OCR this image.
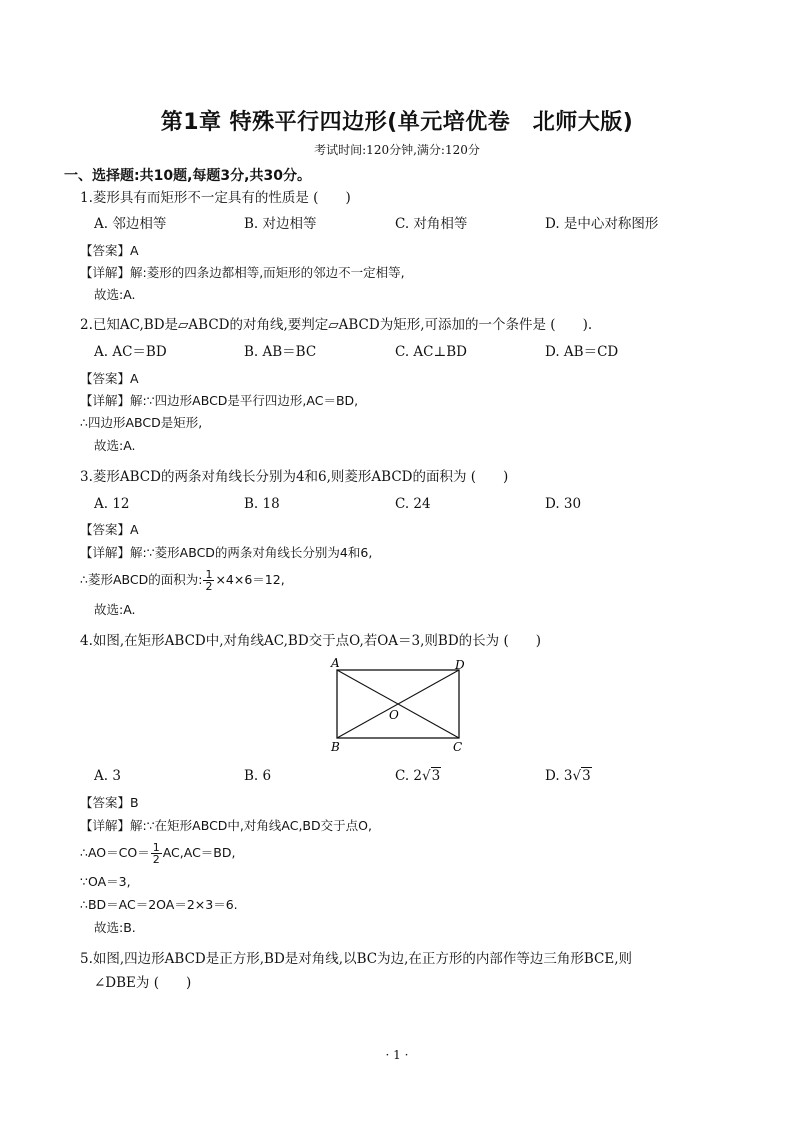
第1章 特殊平行四边形(单元培优卷　北师大版)
考试时间:120分钟,满分:120分
一、选择题:共10题,每题3分,共30分。
1.菱形具有而矩形不一定具有的性质是 (　　)
A. 邻边相等	B. 对边相等	C. 对角相等	D. 是中心对称图形
【答案】A
【详解】解:菱形的四条边都相等,而矩形的邻边不一定相等,
故选:A.
2.已知AC,BD是▱ABCD的对角线,要判定▱ABCD为矩形,可添加的一个条件是 (　　).
A. AC＝BD	B. AB＝BC	C. AC⊥BD	D. AB＝CD
【答案】A
【详解】解:∵四边形ABCD是平行四边形,AC＝BD,
∴四边形ABCD是矩形,
故选:A.
3.菱形ABCD的两条对角线长分别为4和6,则菱形ABCD的面积为 (　　)
A. 12	B. 18	C. 24	D. 30
【答案】A
【详解】解:∵菱形ABCD的两条对角线长分别为4和6,
∴菱形ABCD的面积为: $\frac{1}{2} \times 4\times 6=12$,
故选:A.
4.如图,在矩形ABCD中,对角线AC,BD交于点O,若OA＝3,则BD的长为 (　　)
A	D
O
B	C
A. 3	B. 6	C. 2√3	D. 3√3
【答案】B
【详解】解:∵在矩形ABCD中,对角线AC,BD交于点O,
∴AO＝CO＝ $\frac{1}{2} AC,AC=BD$,
∵OA＝3,
∴BD＝AC＝2OA＝2×3＝6.
故选:B.
5.如图,四边形ABCD是正方形,BD是对角线,以BC为边,在正方形的内部作等边三角形BCE,则
∠DBE为 (　　)
· 1 ·
